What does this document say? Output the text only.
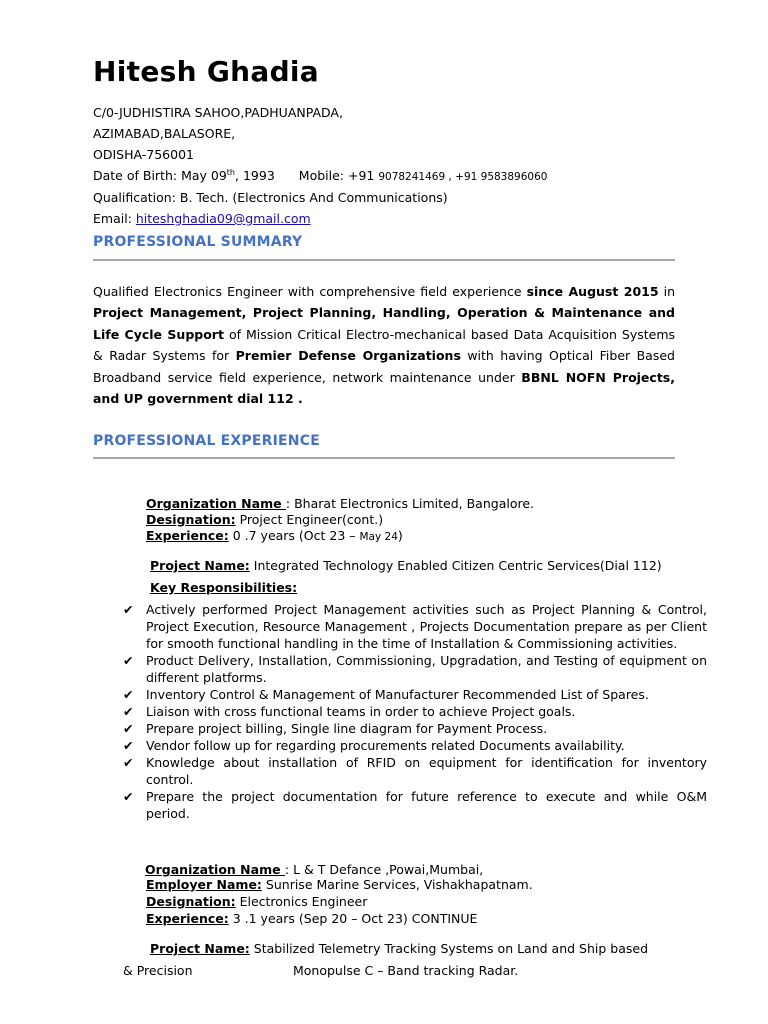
Hitesh Ghadia
C/0-JUDHISTIRA SAHOO,PADHUANPADA,
AZIMABAD,BALASORE,
ODISHA-756001
Date of Birth: May 09th, 1993 Mobile: +91 9078241469 , +91 9583896060
Qualification: B. Tech. (Electronics And Communications)
Email: hiteshghadia09@gmail.com
PROFESSIONAL SUMMARY
Qualified Electronics Engineer with comprehensive field experience since August 2015 in Project Management, Project Planning, Handling, Operation & Maintenance and Life Cycle Support of Mission Critical Electro-mechanical based Data Acquisition Systems & Radar Systems for Premier Defense Organizations with having Optical Fiber Based Broadband service field experience, network maintenance under BBNL NOFN Projects, and UP government dial 112 .
PROFESSIONAL EXPERIENCE
Organization Name : Bharat Electronics Limited, Bangalore.
Designation: Project Engineer(cont.)
Experience: 0 .7 years (Oct 23 – May 24)
Project Name: Integrated Technology Enabled Citizen Centric Services(Dial 112)
Key Responsibilities:

✔	Actively performed Project Management activities such as Project Planning & Control, Project Execution, Resource Management , Projects Documentation prepare as per Client for smooth functional handling in the time of Installation & Commissioning activities.

✔	Product Delivery, Installation, Commissioning, Upgradation, and Testing of equipment on different platforms.

✔	Inventory Control & Management of Manufacturer Recommended List of Spares.

✔	Liaison with cross functional teams in order to achieve Project goals.

✔	Prepare project billing, Single line diagram for Payment Process.

✔	Vendor follow up for regarding procurements related Documents availability.

✔	Knowledge about installation of RFID on equipment for identification for inventory control.

✔	Prepare the project documentation for future reference to execute and while O&M period.

Organization Name : L & T Defance ,Powai,Mumbai,
Employer Name: Sunrise Marine Services, Vishakhapatnam.
Designation: Electronics Engineer
Experience: 3 .1 years (Sep 20 – Oct 23) CONTINUE
Project Name: Stabilized Telemetry Tracking Systems on Land and Ship based
& Precision	Monopulse C – Band tracking Radar.
